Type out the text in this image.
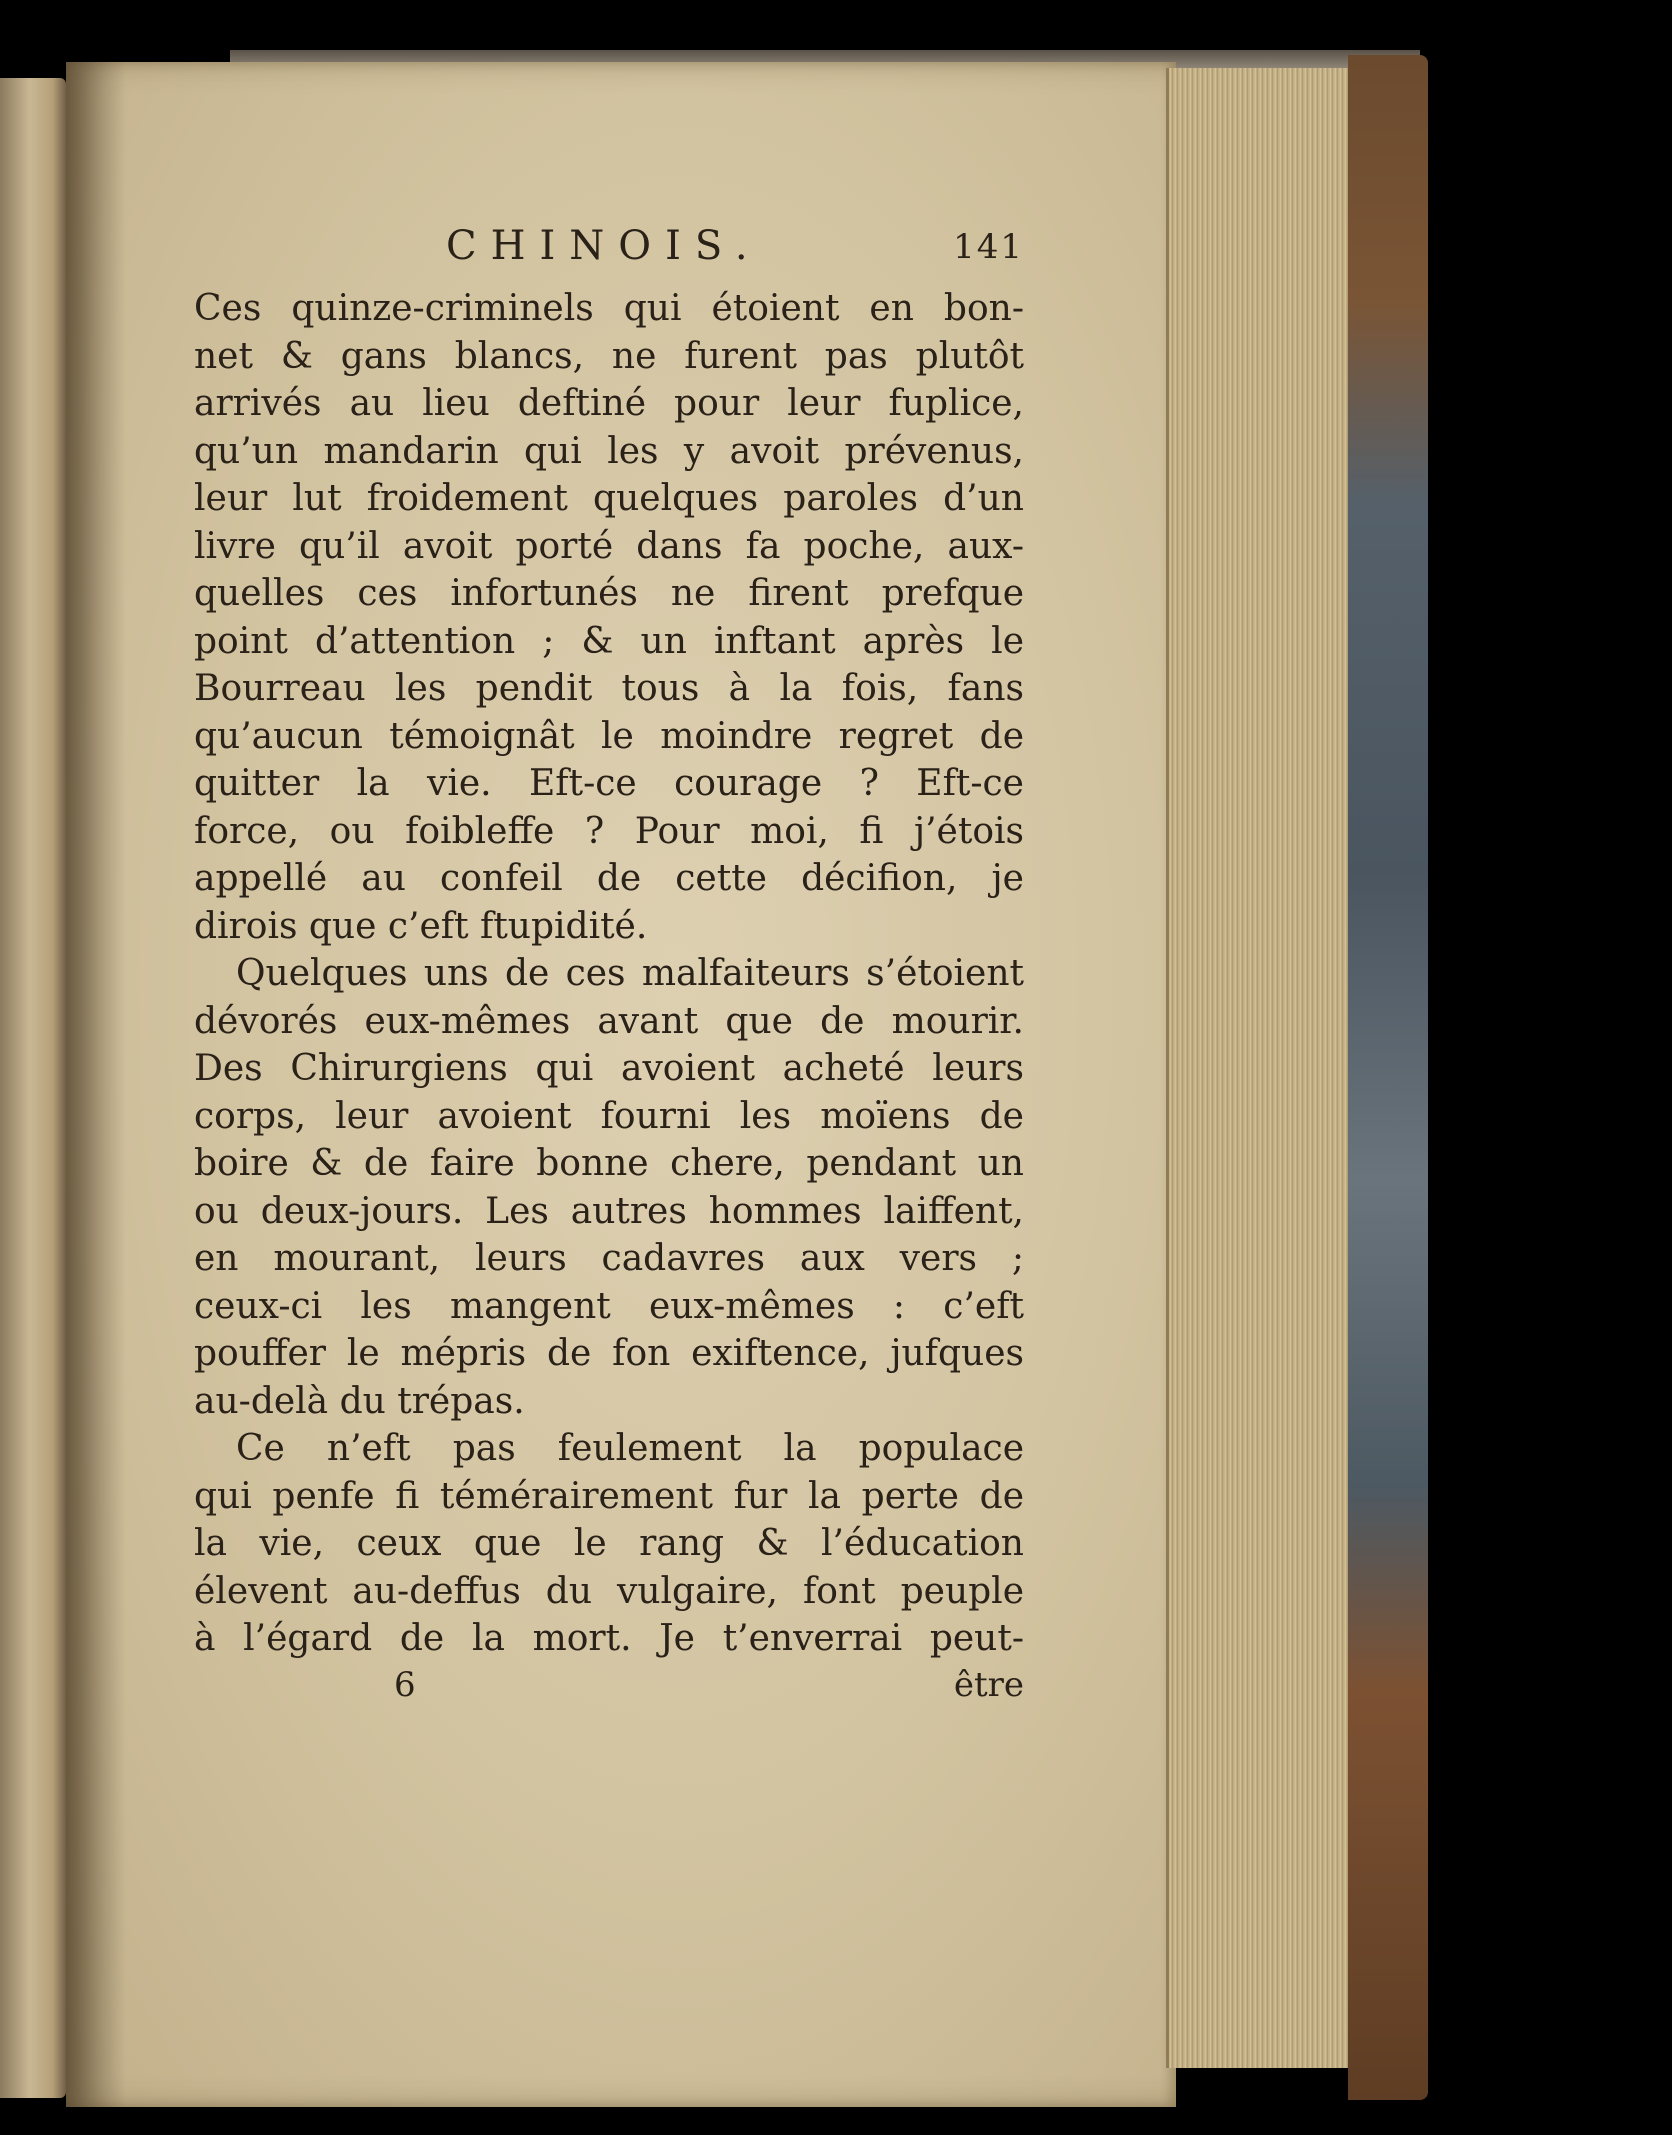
CHINOIS.	141
Ces quinze-criminels qui étoient en bon-
net & gans blancs, ne furent pas plutôt
arrivés au lieu deftiné pour leur fuplice,
qu’un mandarin qui les y avoit prévenus,
leur lut froidement quelques paroles d’un
livre qu’il avoit porté dans fa poche, aux-
quelles ces infortunés ne firent prefque
point d’attention ; & un inftant après le
Bourreau les pendit tous à la fois, fans
qu’aucun témoignât le moindre regret de
quitter la vie. Eft-ce courage ? Eft-ce
force, ou foibleffe ? Pour moi, fi j’étois
appellé au confeil de cette décifion, je
dirois que c’eft ftupidité.
Quelques uns de ces malfaiteurs s’étoient
dévorés eux-mêmes avant que de mourir.
Des Chirurgiens qui avoient acheté leurs
corps, leur avoient fourni les moïens de
boire & de faire bonne chere, pendant un
ou deux-jours. Les autres hommes laiffent,
en mourant, leurs cadavres aux vers ;
ceux-ci les mangent eux-mêmes : c’eft
pouffer le mépris de fon exiftence, jufques
au-delà du trépas.
Ce n’eft pas feulement la populace
qui penfe fi témérairement fur la perte de
la vie, ceux que le rang & l’éducation
élevent au-deffus du vulgaire, font peuple
à l’égard de la mort. Je t’enverrai peut-
6	être
